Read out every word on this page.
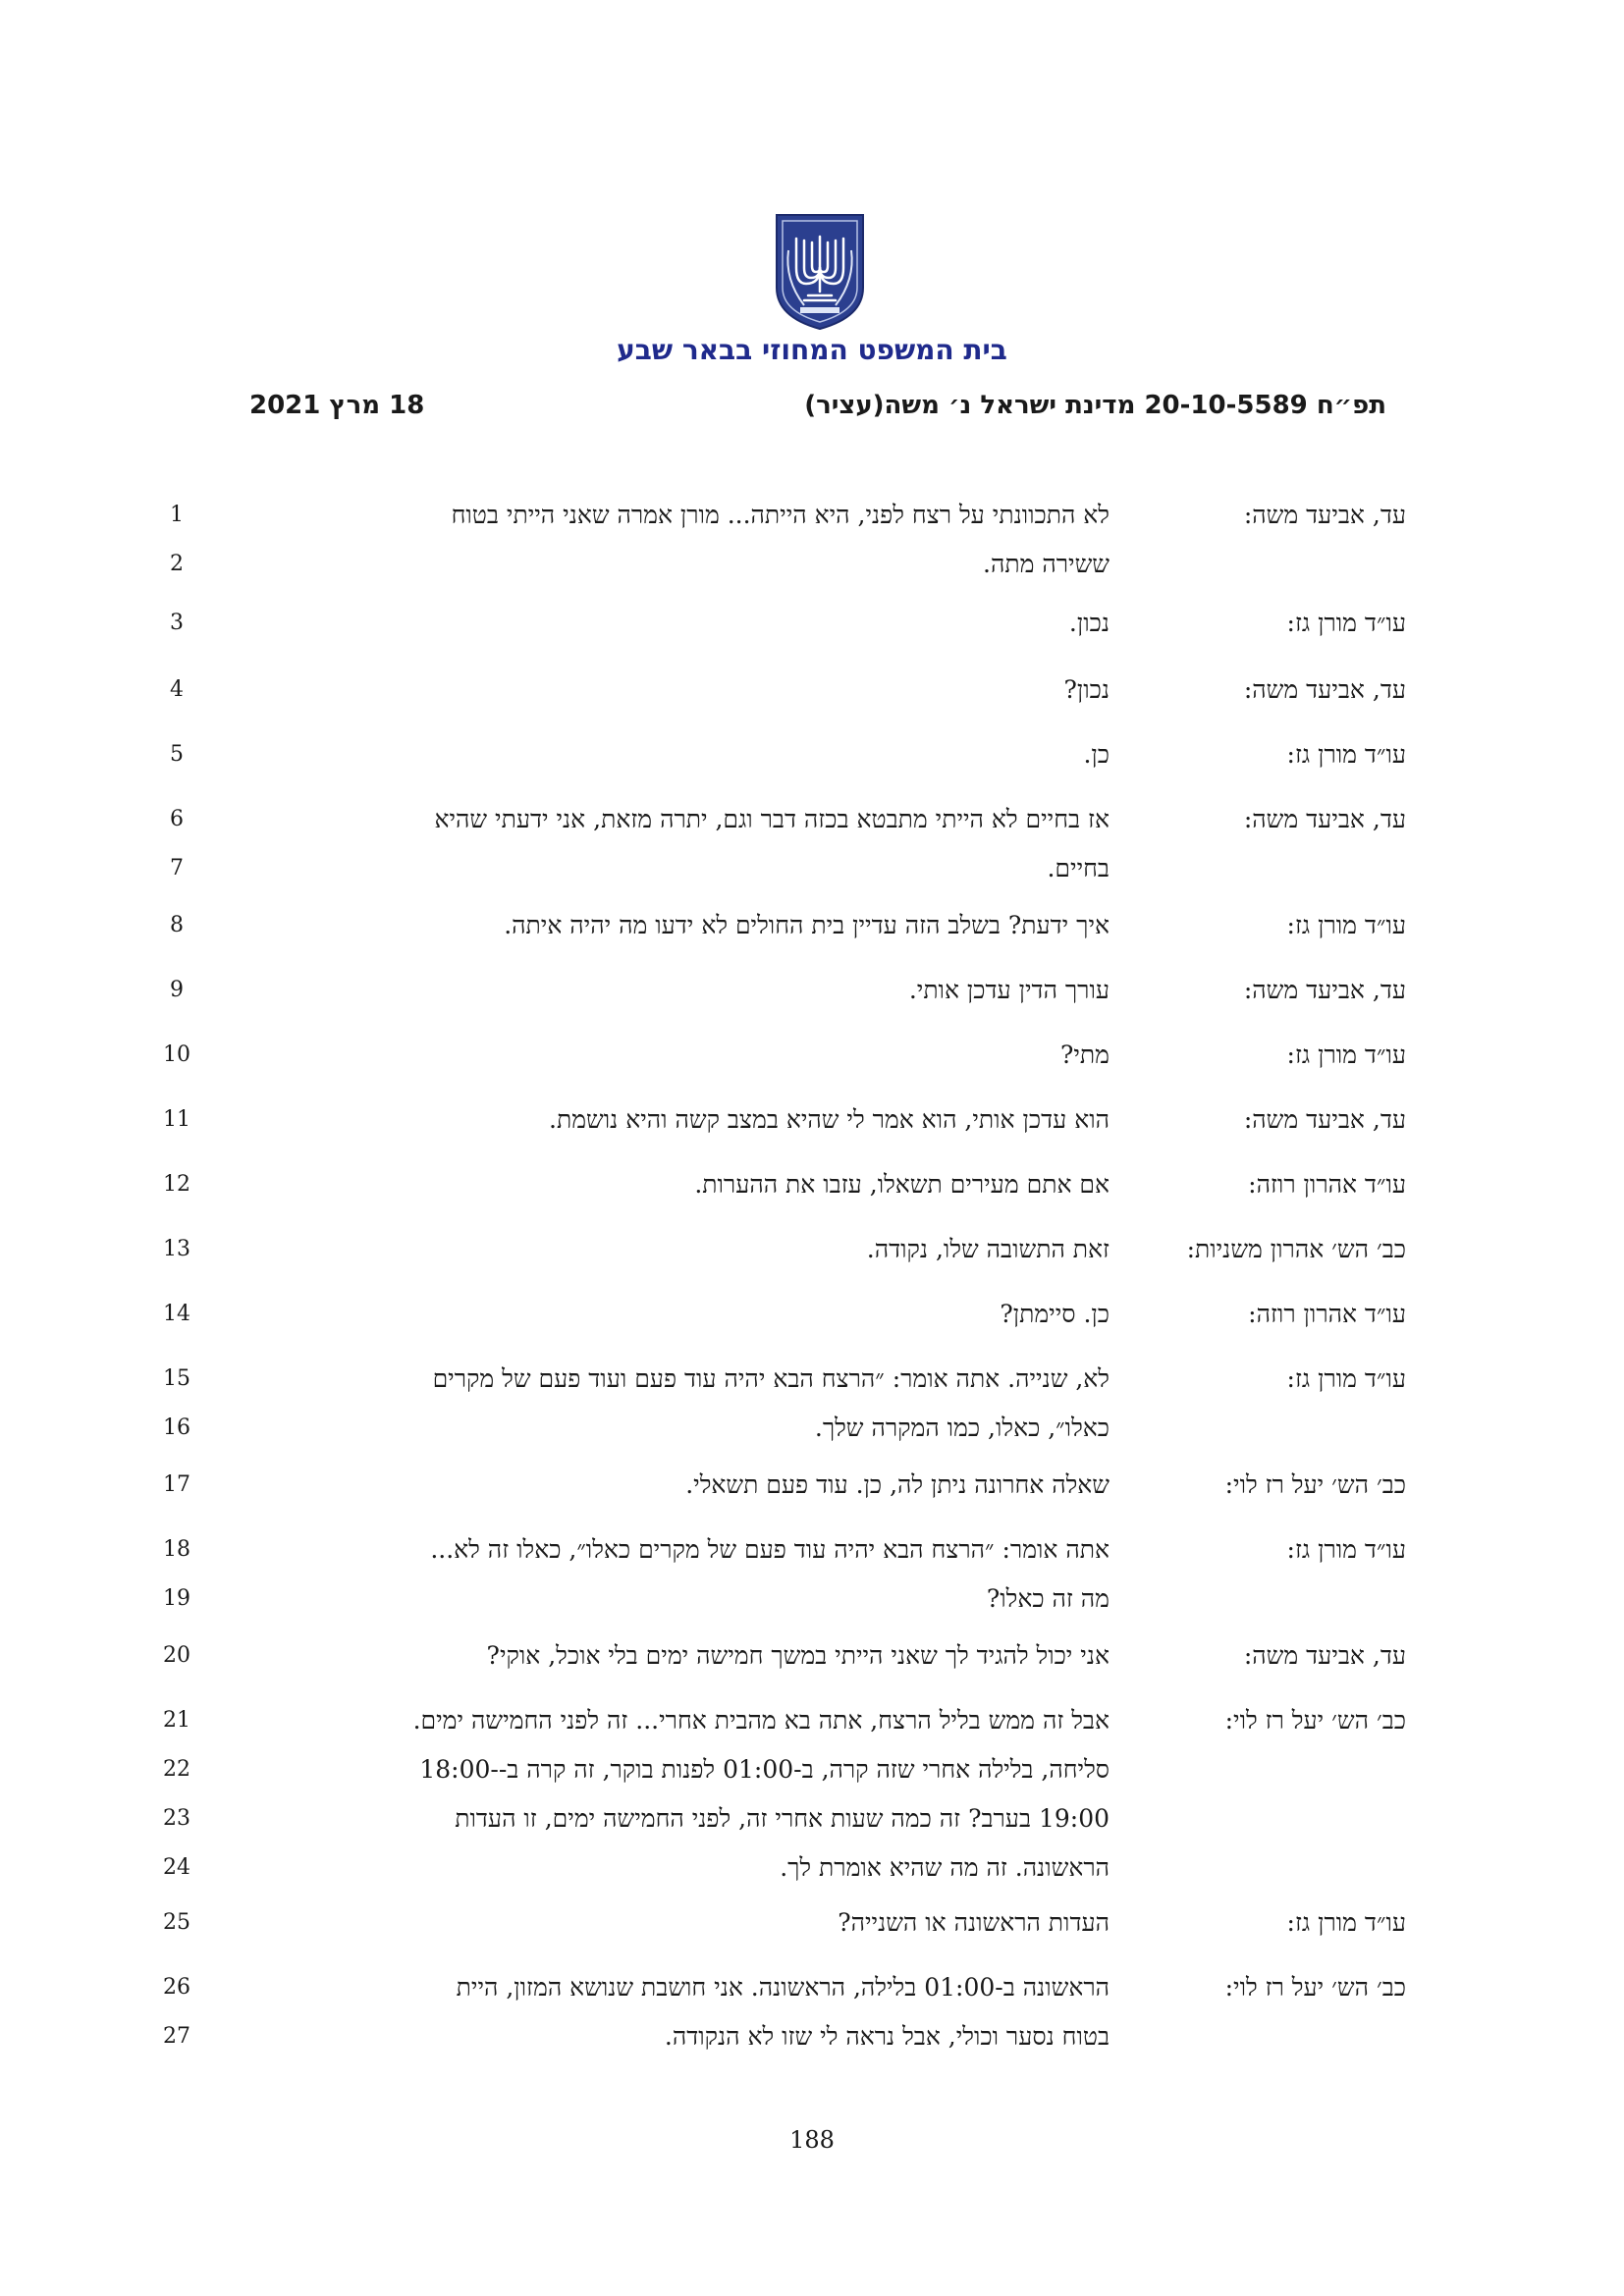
בית המשפט המחוזי בבאר שבע
תפ״ח 20-10-5589 מדינת ישראל נ׳ משה(עציר)
18 מרץ 2021
עד, אביעד משה:
לא התכוונתי על רצח לפני, היא הייתה... מורן אמרה שאני הייתי בטוח
ששירה מתה.
1
2
עו״ד מורן גז:
נכון.
3
עד, אביעד משה:
נכון?
4
עו״ד מורן גז:
כן.
5
עד, אביעד משה:
אז בחיים לא הייתי מתבטא בכזה דבר וגם, יתרה מזאת, אני ידעתי שהיא
בחיים.
6
7
עו״ד מורן גז:
איך ידעת? בשלב הזה עדיין בית החולים לא ידעו מה יהיה איתה.
8
עד, אביעד משה:
עורך הדין עדכן אותי.
9
עו״ד מורן גז:
מתי?
10
עד, אביעד משה:
הוא עדכן אותי, הוא אמר לי שהיא במצב קשה והיא נושמת.
11
עו״ד אהרון רוזה:
אם אתם מעירים תשאלו, עזבו את ההערות.
12
כב׳ הש׳ אהרון משניות:
זאת התשובה שלו, נקודה.
13
עו״ד אהרון רוזה:
כן. סיימתן?
14
עו״ד מורן גז:
לא, שנייה. אתה אומר: ״הרצח הבא יהיה עוד פעם ועוד פעם של מקרים
כאלו״, כאלו, כמו המקרה שלך.
15
16
כב׳ הש׳ יעל רז לוי:
שאלה אחרונה ניתן לה, כן. עוד פעם תשאלי.
17
עו״ד מורן גז:
אתה אומר: ״הרצח הבא יהיה עוד פעם של מקרים כאלו״, כאלו זה לא...
מה זה כאלו?
18
19
עד, אביעד משה:
אני יכול להגיד לך שאני הייתי במשך חמישה ימים בלי אוכל, אוקי?
20
כב׳ הש׳ יעל רז לוי:
אבל זה ממש בליל הרצח, אתה בא מהבית אחרי... זה לפני החמישה ימים.
סליחה, בלילה אחרי שזה קרה, ב-01:00 לפנות בוקר, זה קרה ב--18:00
19:00 בערב? זה כמה שעות אחרי זה, לפני החמישה ימים, זו העדות
הראשונה. זה מה שהיא אומרת לך.
21
22
23
24
עו״ד מורן גז:
העדות הראשונה או השנייה?
25
כב׳ הש׳ יעל רז לוי:
הראשונה ב-01:00 בלילה, הראשונה. אני חושבת שנושא המזון, היית
בטוח נסער וכולי, אבל נראה לי שזו לא הנקודה.
26
27
188
